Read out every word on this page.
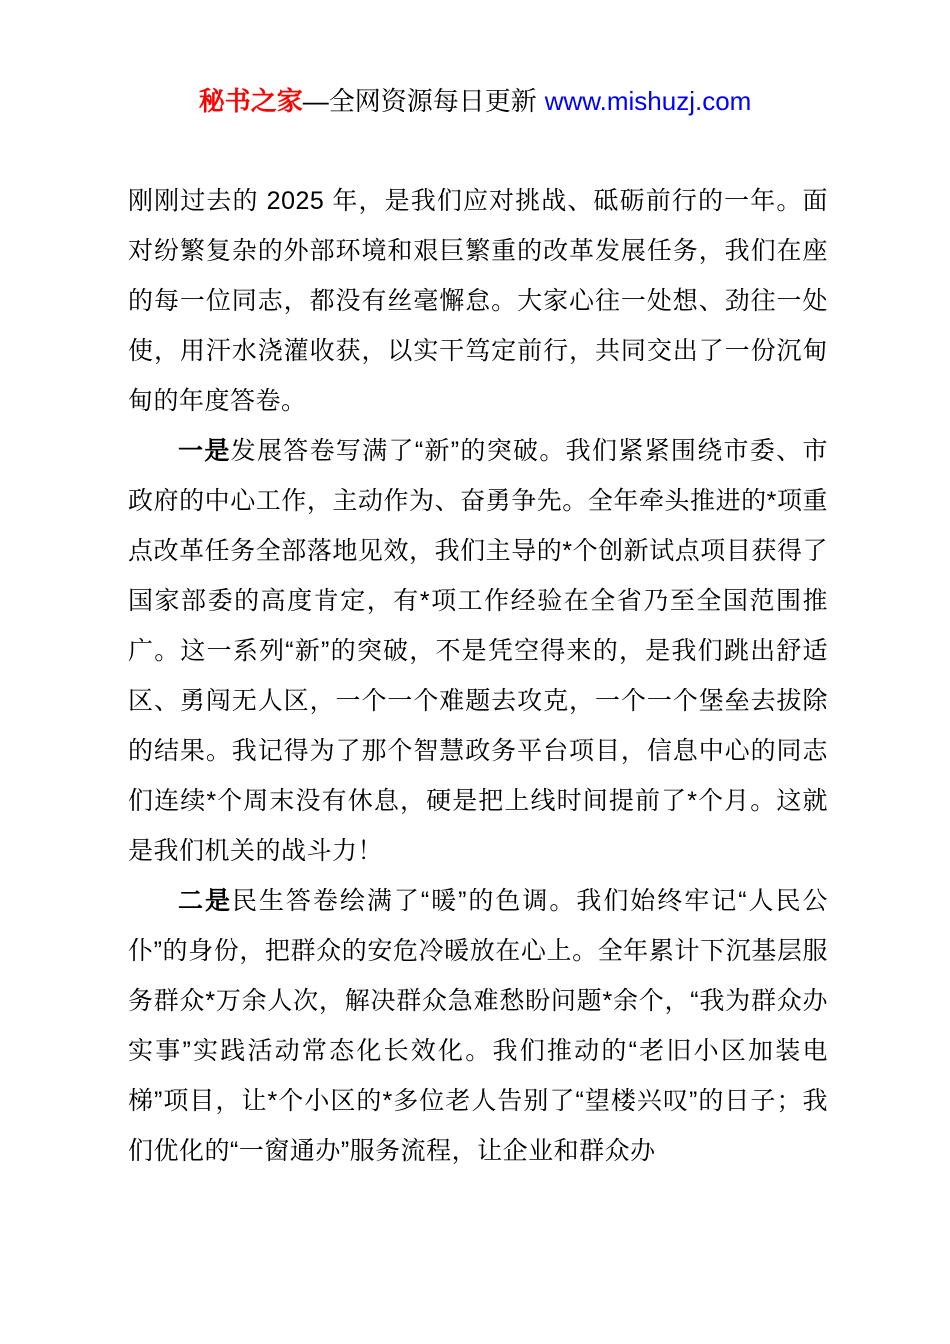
秘书之家—全网资源每日更新 www.mishuzj.com

刚刚过去的 2025 年，是我们应对挑战、砥砺前行的一年。面对纷繁复杂的外部环境和艰巨繁重的改革发展任务，我们在座的每一位同志，都没有丝毫懈怠。大家心往一处想、劲往一处使，用汗水浇灌收获，以实干笃定前行，共同交出了一份沉甸甸的年度答卷。

一是发展答卷写满了“新”的突破。我们紧紧围绕市委、市政府的中心工作，主动作为、奋勇争先。全年牵头推进的*项重点改革任务全部落地见效，我们主导的*个创新试点项目获得了国家部委的高度肯定，有*项工作经验在全省乃至全国范围推广。这一系列“新”的突破，不是凭空得来的，是我们跳出舒适区、勇闯无人区，一个一个难题去攻克，一个一个堡垒去拔除的结果。我记得为了那个智慧政务平台项目，信息中心的同志们连续*个周末没有休息，硬是把上线时间提前了*个月。这就是我们机关的战斗力！

二是民生答卷绘满了“暖”的色调。我们始终牢记“人民公仆”的身份，把群众的安危冷暖放在心上。全年累计下沉基层服务群众*万余人次，解决群众急难愁盼问题*余个，“我为群众办实事”实践活动常态化长效化。我们推动的“老旧小区加装电梯”项目，让*个小区的*多位老人告别了“望楼兴叹”的日子；我们优化的“一窗通办”服务流程，让企业和群众办
